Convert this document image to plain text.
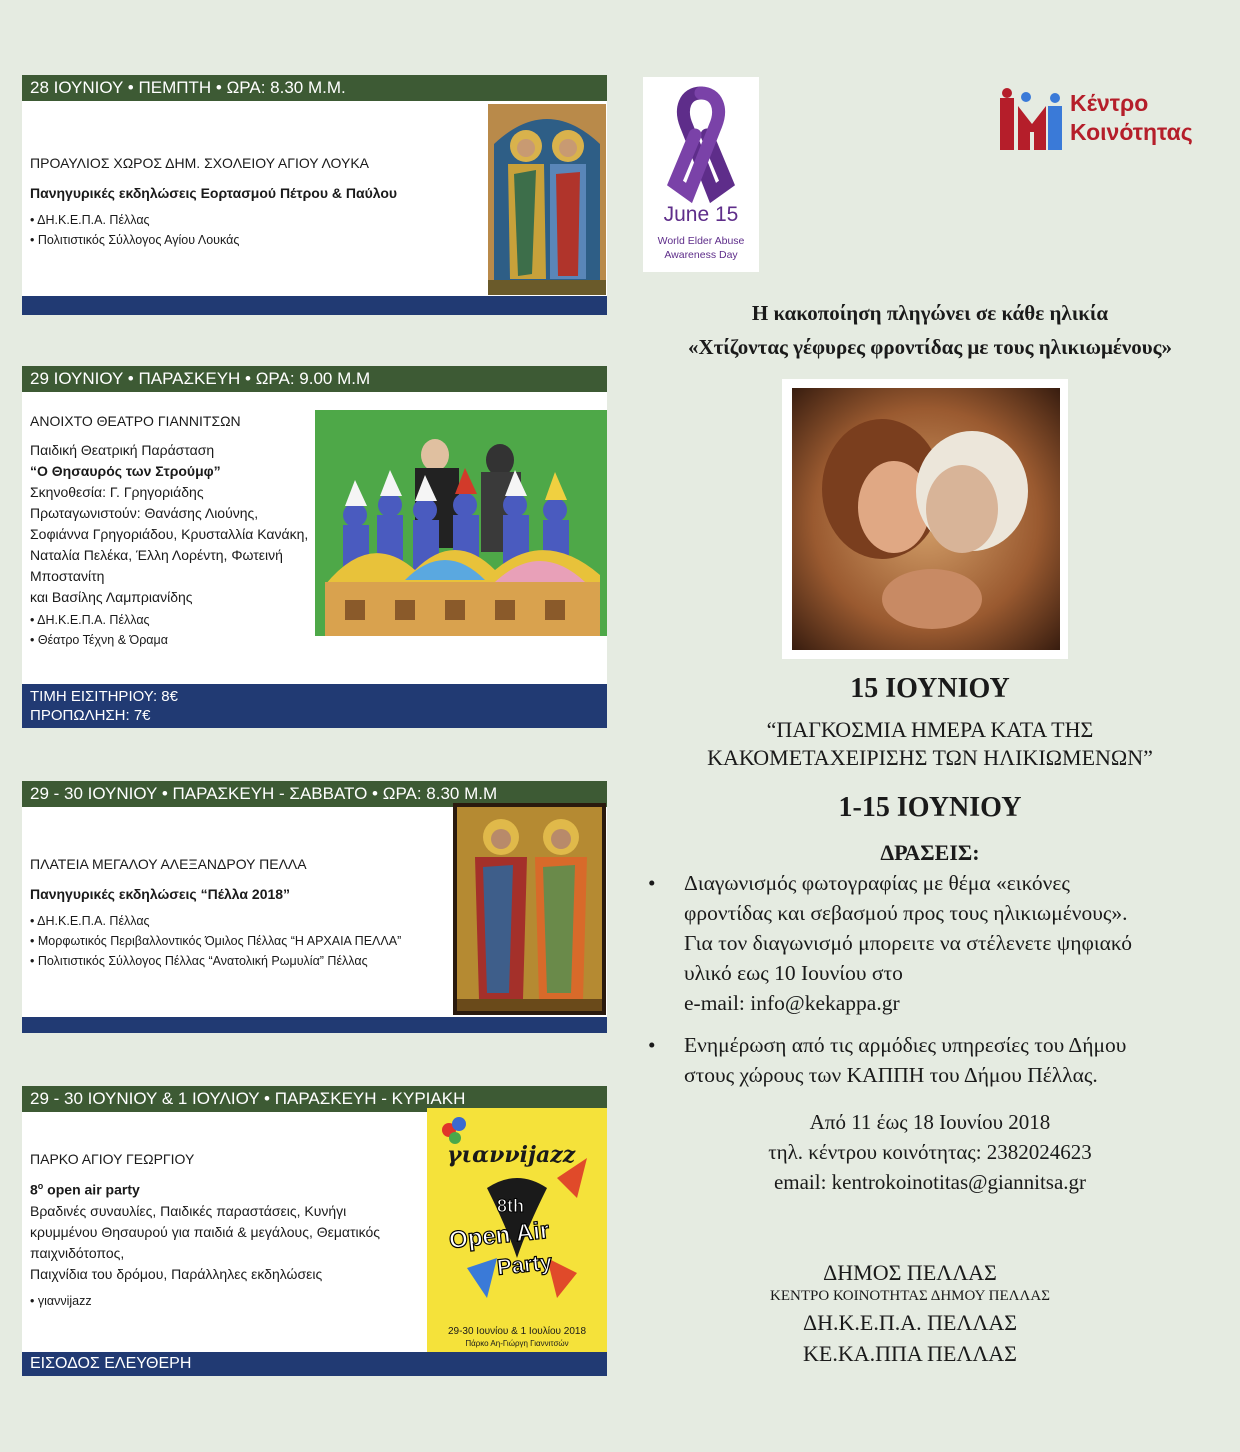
28 ΙΟΥΝΙΟΥ • ΠΕΜΠΤΗ • ΩΡΑ: 8.30 Μ.Μ.
ΠΡΟΑΥΛΙΟΣ ΧΩΡΟΣ ΔΗΜ. ΣΧΟΛΕΙΟΥ ΑΓΙΟΥ ΛΟΥΚΑ
Πανηγυρικές εκδηλώσεις Εορτασμού Πέτρου & Παύλου
• ΔΗ.Κ.Ε.Π.Α. Πέλλας
• Πολιτιστικός Σύλλογος Αγίου Λουκάς
29 ΙΟΥΝΙΟΥ • ΠΑΡΑΣΚΕΥΗ • ΩΡΑ: 9.00 Μ.Μ
ΑΝΟΙΧΤΟ ΘΕΑΤΡΟ ΓΙΑΝΝΙΤΣΩΝ
Παιδική Θεατρική Παράσταση
“Ο Θησαυρός των Στρούμφ”
Σκηνοθεσία: Γ. Γρηγοριάδης
Πρωταγωνιστούν: Θανάσης Λιούνης,
Σοφιάννα Γρηγοριάδου, Κρυσταλλία Κανάκη,
Ναταλία Πελέκα, Έλλη Λορέντη, Φωτεινή
Μποστανίτη
και Βασίλης Λαμπριανίδης
• ΔΗ.Κ.Ε.Π.Α. Πέλλας
• Θέατρο Τέχνη & Όραμα
ΤΙΜΗ ΕΙΣΙΤΗΡΙΟΥ: 8€
ΠΡΟΠΩΛΗΣΗ: 7€
29 - 30 ΙΟΥΝΙΟΥ • ΠΑΡΑΣΚΕΥΗ - ΣΑΒΒΑΤΟ • ΩΡΑ: 8.30 Μ.Μ
ΠΛΑΤΕΙΑ ΜΕΓΑΛΟΥ ΑΛΕΞΑΝΔΡΟΥ ΠΕΛΛΑ
Πανηγυρικές εκδηλώσεις “Πέλλα 2018”
• ΔΗ.Κ.Ε.Π.Α. Πέλλας
• Μορφωτικός Περιβαλλοντικός Όμιλος Πέλλας “Η ΑΡΧΑΙΑ ΠΕΛΛΑ”
• Πολιτιστικός Σύλλογος Πέλλας “Ανατολική Ρωμυλία” Πέλλας
29 - 30 ΙΟΥΝΙΟΥ & 1 ΙΟΥΛΙΟΥ • ΠΑΡΑΣΚΕΥΗ - ΚΥΡΙΑΚΗ
ΠΑΡΚΟ ΑΓΙΟΥ ΓΕΩΡΓΙΟΥ
$8^o$ open air party
Βραδινές συναυλίες, Παιδικές παραστάσεις, Κυνήγι
κρυμμένου Θησαυρού για παιδιά & μεγάλους, Θεματικός
παιχνιδότοπος,
Παιχνίδια του δρόμου, Παράλληλες εκδηλώσεις
• γιαννijazz
γιαννijazz
8th
Open Air
Party
29-30 Ιουνίου & 1 Ιουλίου 2018
Πάρκο Αη-Γιώργη Γιαννιτσών
ΕΙΣΟΔΟΣ ΕΛΕΥΘΕΡΗ
June 15
World Elder Abuse
Awareness Day
Κέντρο
Κοινότητας
Η κακοποίηση πληγώνει σε κάθε ηλικία
«Χτίζοντας γέφυρες φροντίδας με τους ηλικιωμένους»
15 ΙΟΥΝΙΟΥ
“ΠΑΓΚΟΣΜΙΑ ΗΜΕΡΑ ΚΑΤΑ ΤΗΣ
ΚΑΚΟΜΕΤΑΧΕΙΡΙΣΗΣ ΤΩΝ ΗΛΙΚΙΩΜΕΝΩΝ”
1-15 ΙΟΥΝΙΟΥ
ΔΡΑΣΕΙΣ:
• Διαγωνισμός φωτογραφίας με θέμα «εικόνες
φροντίδας και σεβασμού προς τους ηλικιωμένους».
Για τον διαγωνισμό μπορειτε να στέλενετε ψηφιακό
υλικό εως 10 Ιουνίου στο
e-mail: info@kekappa.gr
• Ενημέρωση από τις αρμόδιες υπηρεσίες του Δήμου
στους χώρους των ΚΑΠΠΗ του Δήμου Πέλλας.
Από 11 έως 18 Ιουνίου 2018
τηλ. κέντρου κοινότητας: 2382024623
email: kentrokoinotitas@giannitsa.gr
ΔΗΜΟΣ ΠΕΛΛΑΣ
ΚΕΝΤΡΟ ΚΟΙΝΟΤΗΤΑΣ ΔΗΜΟΥ ΠΕΛΛΑΣ
ΔΗ.Κ.Ε.Π.Α. ΠΕΛΛΑΣ
ΚΕ.ΚΑ.ΠΠΑ ΠΕΛΛΑΣ
